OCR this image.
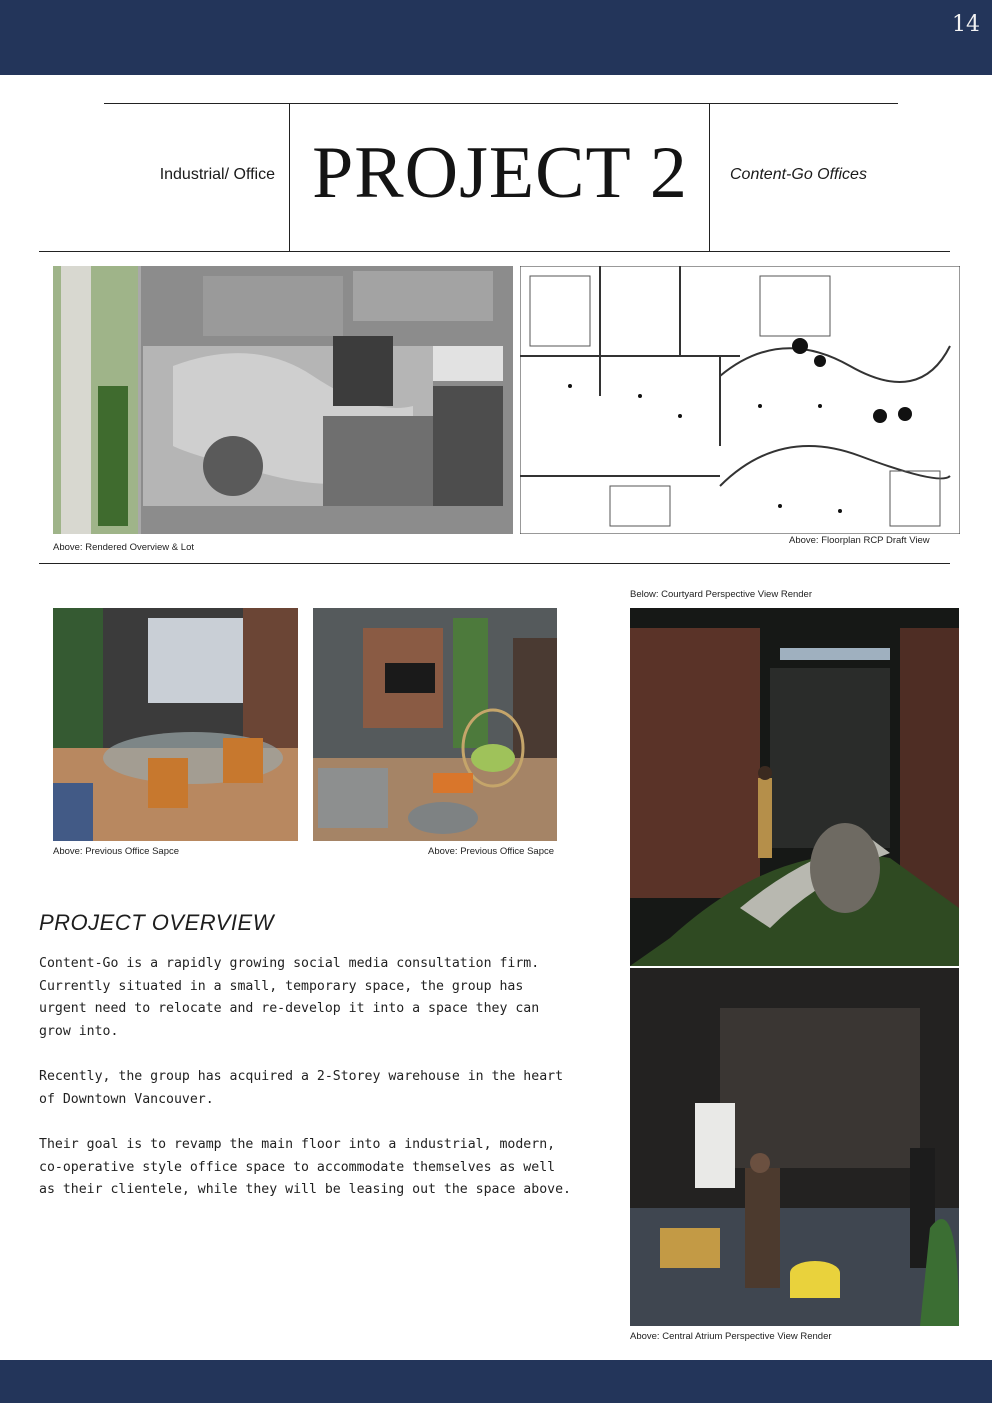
14
Industrial/ Office PROJECT 2	Content-Go Offices
Above: Rendered Overview & Lot
Above: Floorplan RCP Draft View
Above: Previous Office Sapce	Above: Previous Office Sapce
Below: Courtyard Perspective View Render
Above: Central Atrium Perspective View Render
PROJECT OVERVIEW
Content-Go is a rapidly growing social media consultation firm.
Currently situated in a small, temporary space, the group has
urgent need to relocate and re-develop it into a space they can
grow into.
Recently, the group has acquired a 2-Storey warehouse in the heart
of Downtown Vancouver.
Their goal is to revamp the main floor into a industrial, modern,
co-operative style office space to accommodate themselves as well
as their clientele, while they will be leasing out the space above.
